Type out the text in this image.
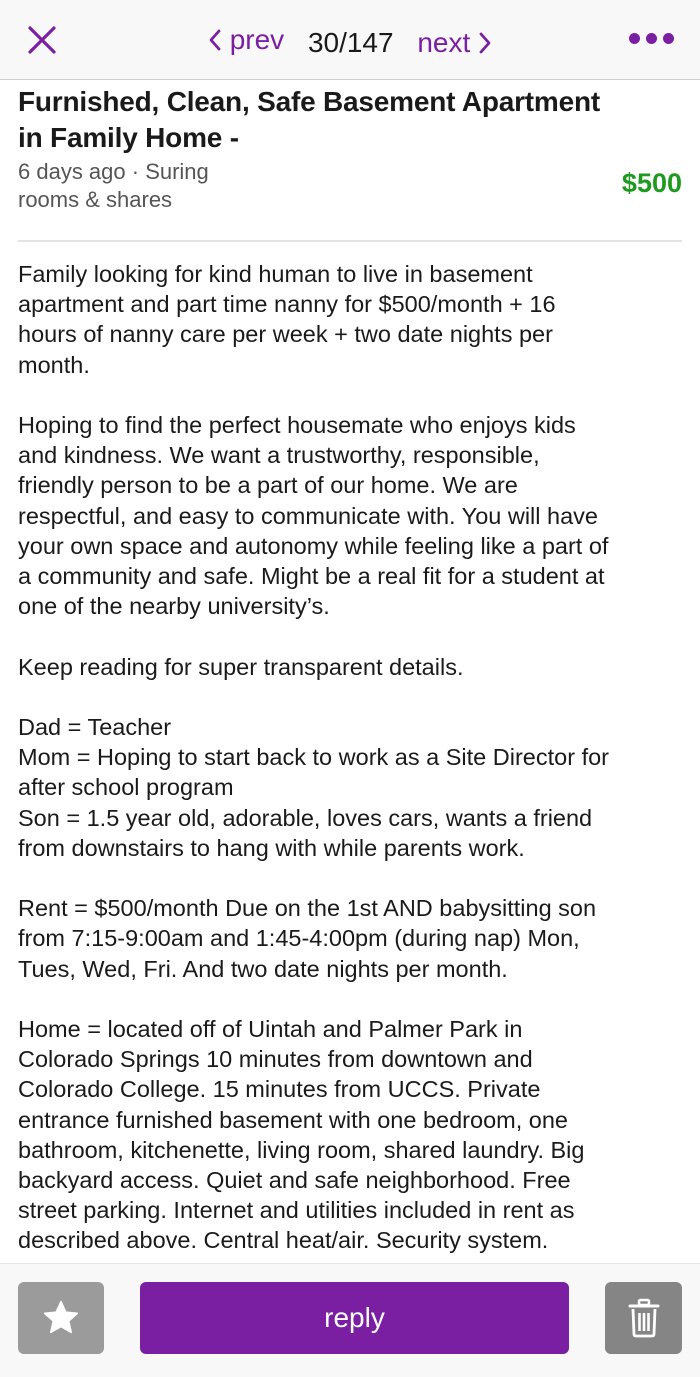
prev 30/147 next
Furnished, Clean, Safe Basement Apartment
in Family Home -
6 days ago · Suring
rooms & shares
$500
Family looking for kind human to live in basement
apartment and part time nanny for $500/month + 16
hours of nanny care per week + two date nights per
month.
Hoping to find the perfect housemate who enjoys kids
and kindness. We want a trustworthy, responsible,
friendly person to be a part of our home. We are
respectful, and easy to communicate with. You will have
your own space and autonomy while feeling like a part of
a community and safe. Might be a real fit for a student at
one of the nearby university’s.
Keep reading for super transparent details.
Dad = Teacher
Mom = Hoping to start back to work as a Site Director for
after school program
Son = 1.5 year old, adorable, loves cars, wants a friend
from downstairs to hang with while parents work.
Rent = $500/month Due on the 1st AND babysitting son
from 7:15-9:00am and 1:45-4:00pm (during nap) Mon,
Tues, Wed, Fri. And two date nights per month.
Home = located off of Uintah and Palmer Park in
Colorado Springs 10 minutes from downtown and
Colorado College. 15 minutes from UCCS. Private
entrance furnished basement with one bedroom, one
bathroom, kitchenette, living room, shared laundry. Big
backyard access. Quiet and safe neighborhood. Free
street parking. Internet and utilities included in rent as
described above. Central heat/air. Security system.
reply
